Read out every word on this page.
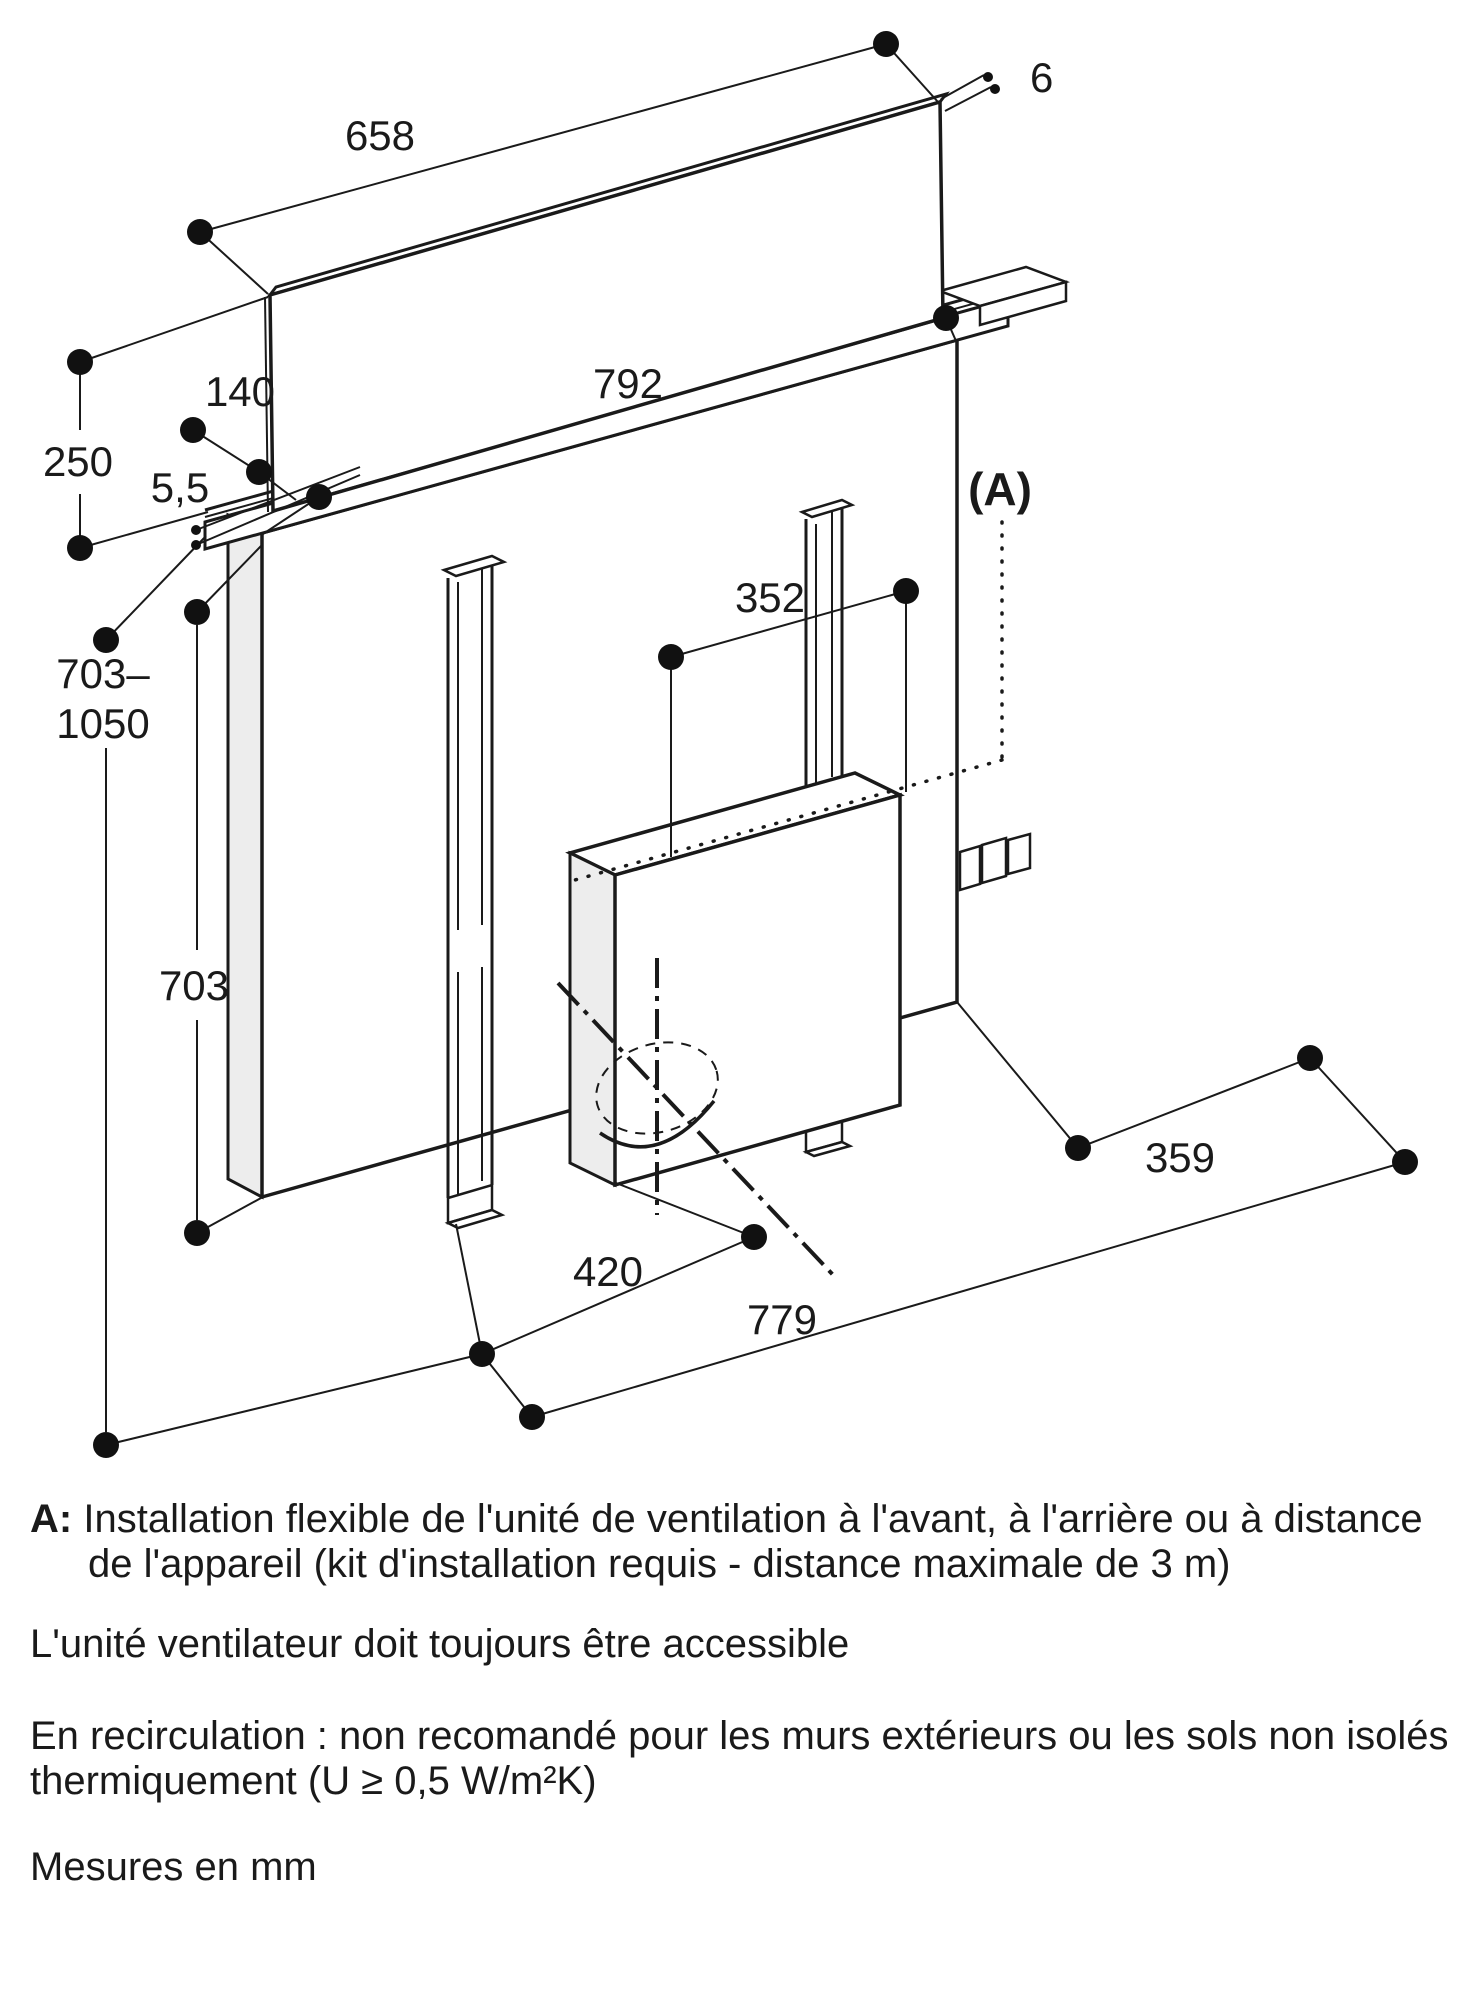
658
6
250
140
5,5
792
352
(A)
703–
1050
703
359
420
779
A: Installation flexible de l'unité de ventilation à l'avant, à l'arrière ou à distance
de l'appareil (kit d'installation requis - distance maximale de 3 m)
L'unité ventilateur doit toujours être accessible
En recirculation : non recomandé pour les murs extérieurs ou les sols non isolés
thermiquement (U ≥ 0,5 W/m²K)
Mesures en mm
